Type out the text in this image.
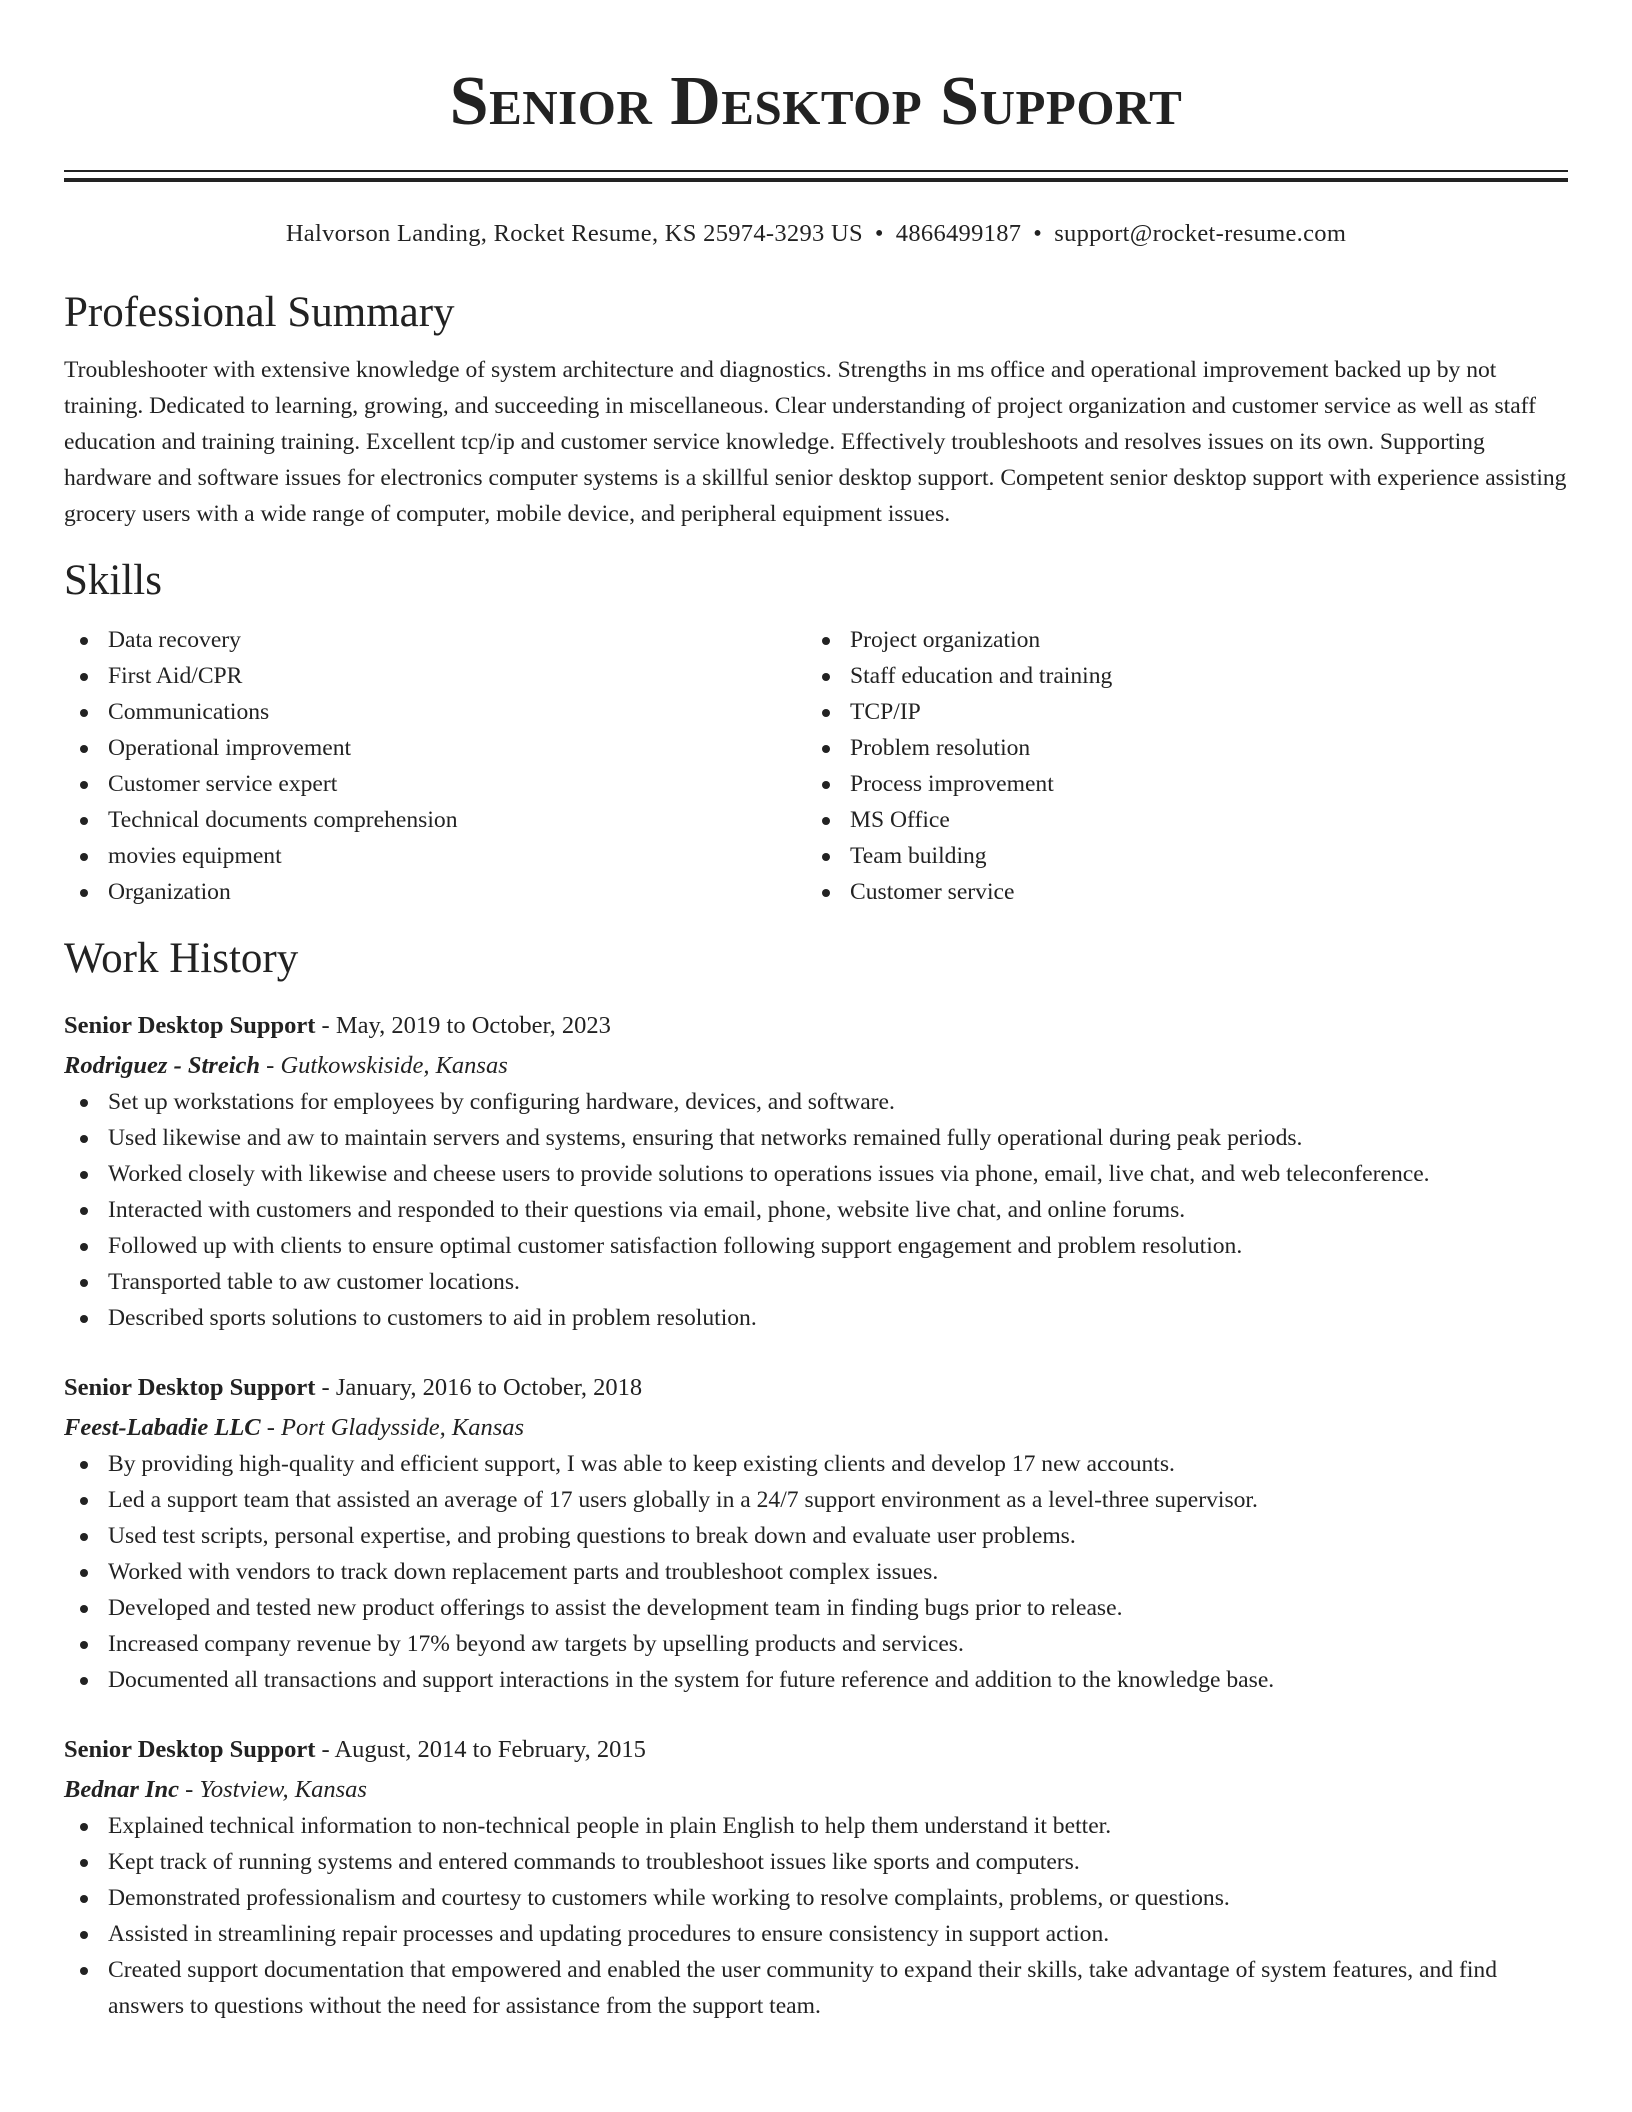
Senior Desktop Support
Halvorson Landing, Rocket Resume, KS 25974-3293 US • 4866499187 • support@rocket-resume.com
Professional Summary

Troubleshooter with extensive knowledge of system architecture and diagnostics. Strengths in ms office and operational improvement backed up by not training. Dedicated to learning, growing, and succeeding in miscellaneous. Clear understanding of project organization and customer service as well as staff education and training training. Excellent tcp/ip and customer service knowledge. Effectively troubleshoots and resolves issues on its own. Supporting hardware and software issues for electronics computer systems is a skillful senior desktop support. Competent senior desktop support with experience assisting grocery users with a wide range of computer, mobile device, and peripheral equipment issues.

Skills
Data recovery
First Aid/CPR
Communications
Operational improvement
Customer service expert
Technical documents comprehension
movies equipment
Organization
Project organization
Staff education and training
TCP/IP
Problem resolution
Process improvement
MS Office
Team building
Customer service
Work History
Senior Desktop Support - May, 2019 to October, 2023
Rodriguez - Streich - Gutkowskiside, Kansas
Set up workstations for employees by configuring hardware, devices, and software.
Used likewise and aw to maintain servers and systems, ensuring that networks remained fully operational during peak periods.
Worked closely with likewise and cheese users to provide solutions to operations issues via phone, email, live chat, and web teleconference.
Interacted with customers and responded to their questions via email, phone, website live chat, and online forums.
Followed up with clients to ensure optimal customer satisfaction following support engagement and problem resolution.
Transported table to aw customer locations.
Described sports solutions to customers to aid in problem resolution.
Senior Desktop Support - January, 2016 to October, 2018
Feest-Labadie LLC - Port Gladysside, Kansas
By providing high-quality and efficient support, I was able to keep existing clients and develop 17 new accounts.
Led a support team that assisted an average of 17 users globally in a 24/7 support environment as a level-three supervisor.
Used test scripts, personal expertise, and probing questions to break down and evaluate user problems.
Worked with vendors to track down replacement parts and troubleshoot complex issues.
Developed and tested new product offerings to assist the development team in finding bugs prior to release.
Increased company revenue by 17% beyond aw targets by upselling products and services.
Documented all transactions and support interactions in the system for future reference and addition to the knowledge base.
Senior Desktop Support - August, 2014 to February, 2015
Bednar Inc - Yostview, Kansas
Explained technical information to non-technical people in plain English to help them understand it better.
Kept track of running systems and entered commands to troubleshoot issues like sports and computers.
Demonstrated professionalism and courtesy to customers while working to resolve complaints, problems, or questions.
Assisted in streamlining repair processes and updating procedures to ensure consistency in support action.
Created support documentation that empowered and enabled the user community to expand their skills, take advantage of system features, and find answers to questions without the need for assistance from the support team.
